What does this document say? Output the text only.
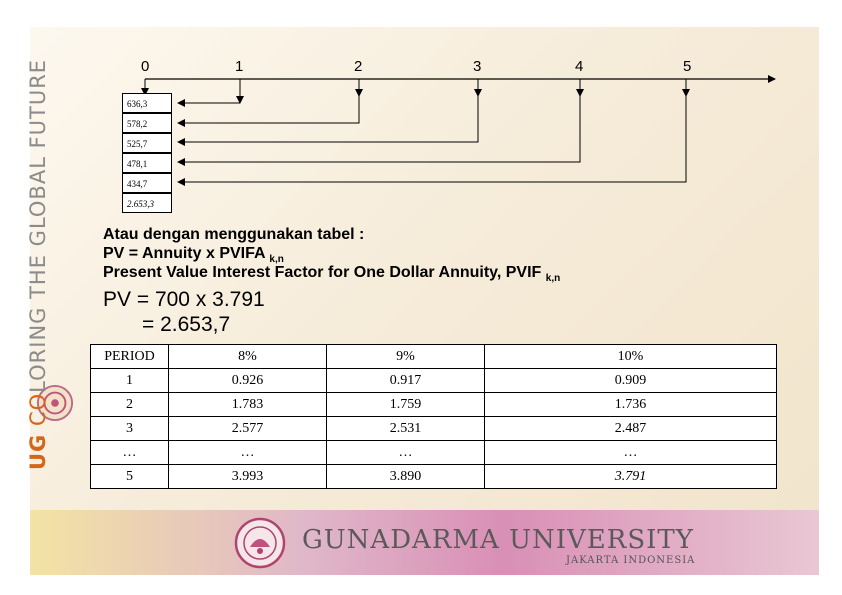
UG COLORING THE GLOBAL FUTURE	0	1	2	3	4	5
636,3
578,2
525,7
478,1
434,7
2.653,3
Atau dengan menggunakan tabel :
PV = Annuity x PVIFA $_{k,n}$
Present Value Interest Factor for One Dollar Annuity, PVIF $_{k,n}$
PV = 700 x 3.791
= 2.653,7
PERIOD	8%	9%	10%
1	0.926	0.917	0.909
2	1.783	1.759	1.736
3	2.577	2.531	2.487
…	…	…	…
5	3.993	3.890	3.791
GUNADARMA UNIVERSITY
JAKARTA INDONESIA
